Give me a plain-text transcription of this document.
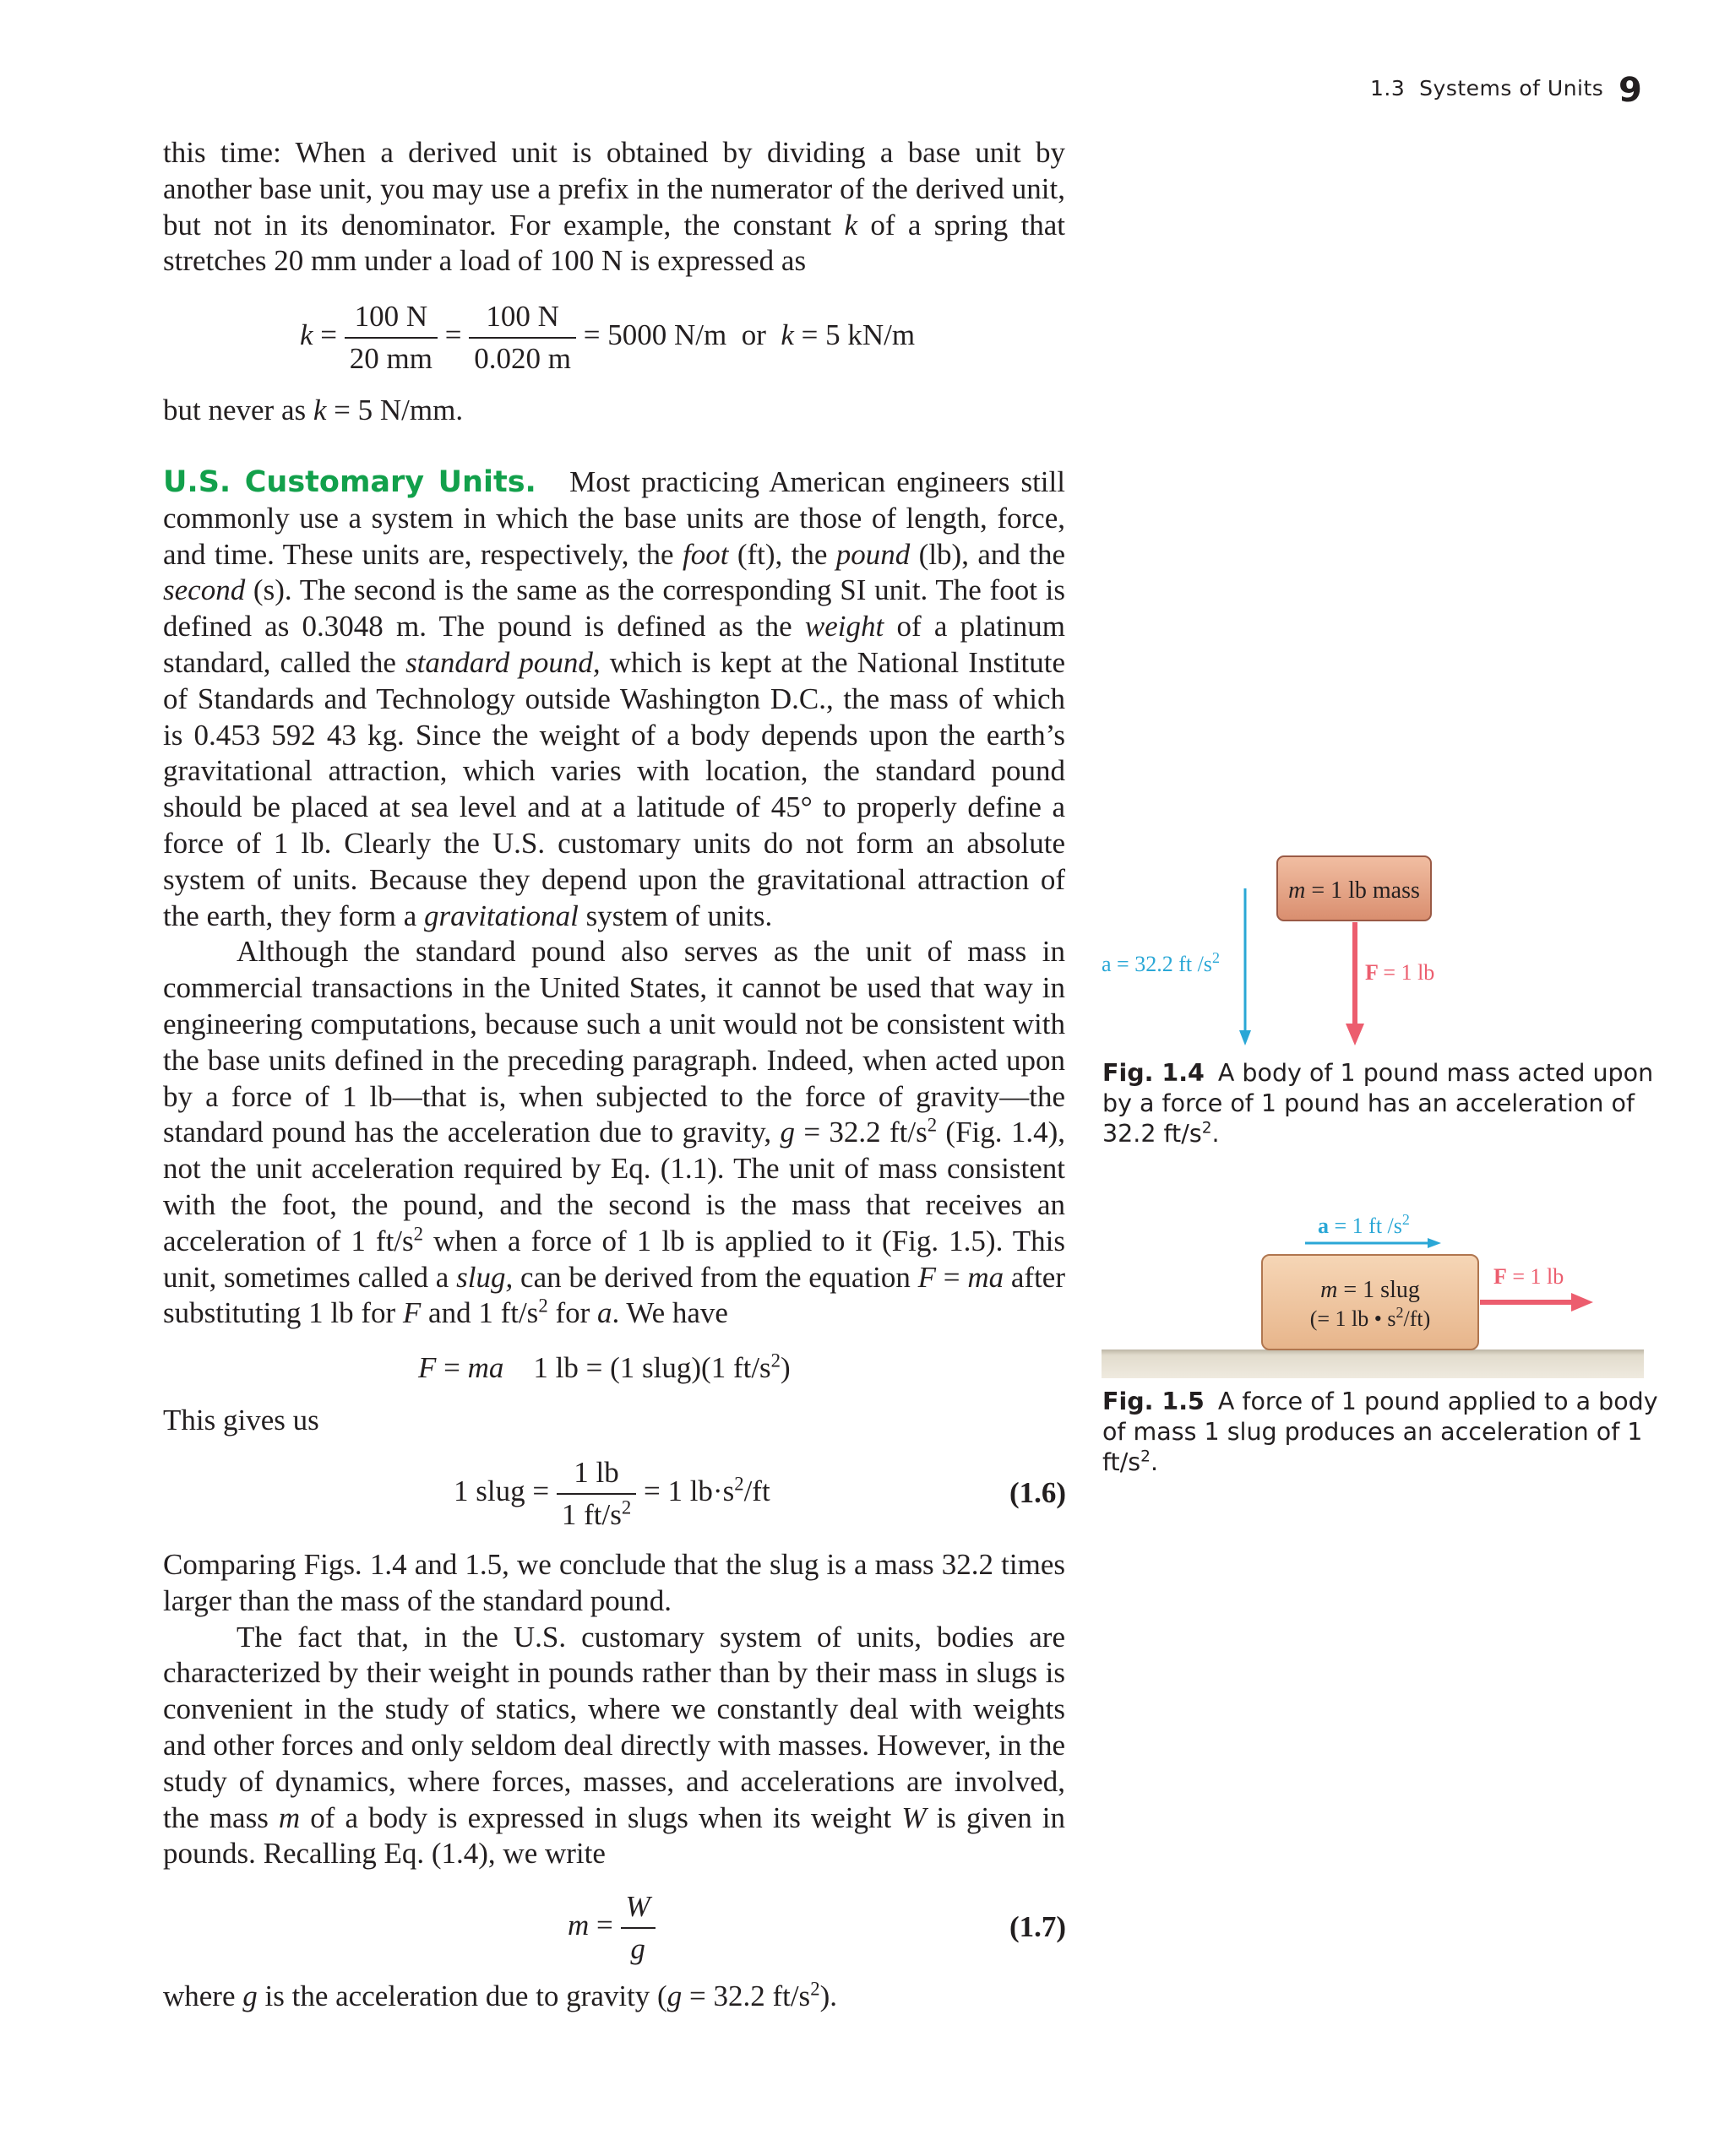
1.3  Systems of Units 9

this time: When a derived unit is obtained by dividing a base unit by another base unit, you may use a prefix in the numerator of the derived unit, but not in its denominator. For example, the constant k of a spring that stretches 20 mm under a load of 100 N is expressed as

$k = \frac{100 N}{20 mm} = \frac{100 N}{0.020 m} = 5000$ N/m  or  k = 5 kN/m

but never as k = 5 N/mm.

U.S. Customary Units.   Most practicing American engineers still commonly use a system in which the base units are those of length, force, and time. These units are, respectively, the foot (ft), the pound (lb), and the second (s). The second is the same as the corresponding SI unit. The foot is defined as 0.3048 m. The pound is defined as the weight of a platinum standard, called the standard pound, which is kept at the National Institute of Standards and Technology outside Washington D.C., the mass of which is 0.453 592 43 kg. Since the weight of a body depends upon the earth’s gravitational attraction, which varies with location, the standard pound should be placed at sea level and at a latitude of 45° to properly define a force of 1 lb. Clearly the U.S. customary units do not form an absolute system of units. Because they depend upon the gravitational attraction of the earth, they form a gravitational system of units.

Although the standard pound also serves as the unit of mass in commercial transactions in the United States, it cannot be used that way in engineering computations, because such a unit would not be consistent with the base units defined in the preceding paragraph. Indeed, when acted upon by a force of 1 lb—that is, when subjected to the force of gravity—the standard pound has the acceleration due to gravity, g = 32.2 $ft/s^2$ (Fig. 1.4), not the unit acceleration required by Eq. (1.1). The unit of mass consistent with the foot, the pound, and the second is the mass that receives an acceleration of 1 $ft/s^2$ when a force of 1 lb is applied to it (Fig. 1.5). This unit, sometimes called a slug, can be derived from the equation F = ma after substituting 1 lb for F and 1 $ft/s^2$ for a. We have

F = ma    1 lb = (1 slug)(1 $ft/s^2$)
This gives us
1 slug = $\frac{1 lb}{1 ft/s^2} = 1$ $lb\cdot s^2/ft$	(1.6)

Comparing Figs. 1.4 and 1.5, we conclude that the slug is a mass 32.2 times larger than the mass of the standard pound.

The fact that, in the U.S. customary system of units, bodies are characterized by their weight in pounds rather than by their mass in slugs is convenient in the study of statics, where we constantly deal with weights and other forces and only seldom deal directly with masses. However, in the study of dynamics, where forces, masses, and accelerations are involved, the mass m of a body is expressed in slugs when its weight W is given in pounds. Recalling Eq. (1.4), we write

$m = \frac{W}{g}$	(1.7)

where g is the acceleration due to gravity (g = 32.2 $ft/s^2$).

m = 1 lb mass
a = 32.2 ft $/s^2$
F = 1 lb
Fig. 1.4 A body of 1 pound mass acted upon by a force of 1 pound has an acceleration of 32.2 $ft/s^2$.
m = 1 slug
(= 1 lb • $s^2/ft$)
a = 1 ft $/s^2$
F = 1 lb
Fig. 1.5 A force of 1 pound applied to a body of mass 1 slug produces an acceleration of 1 $ft/s^2$.
